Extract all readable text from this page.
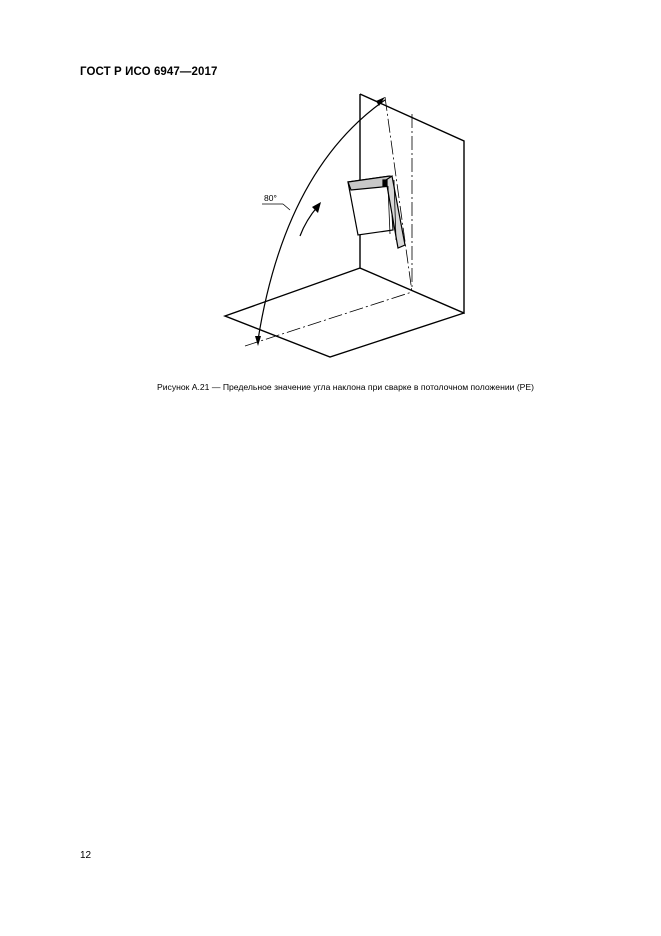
ГОСТ Р ИСО 6947—2017
80°
Рисунок А.21 — Предельное значение угла наклона при сварке в потолочном положении (PE)
12
